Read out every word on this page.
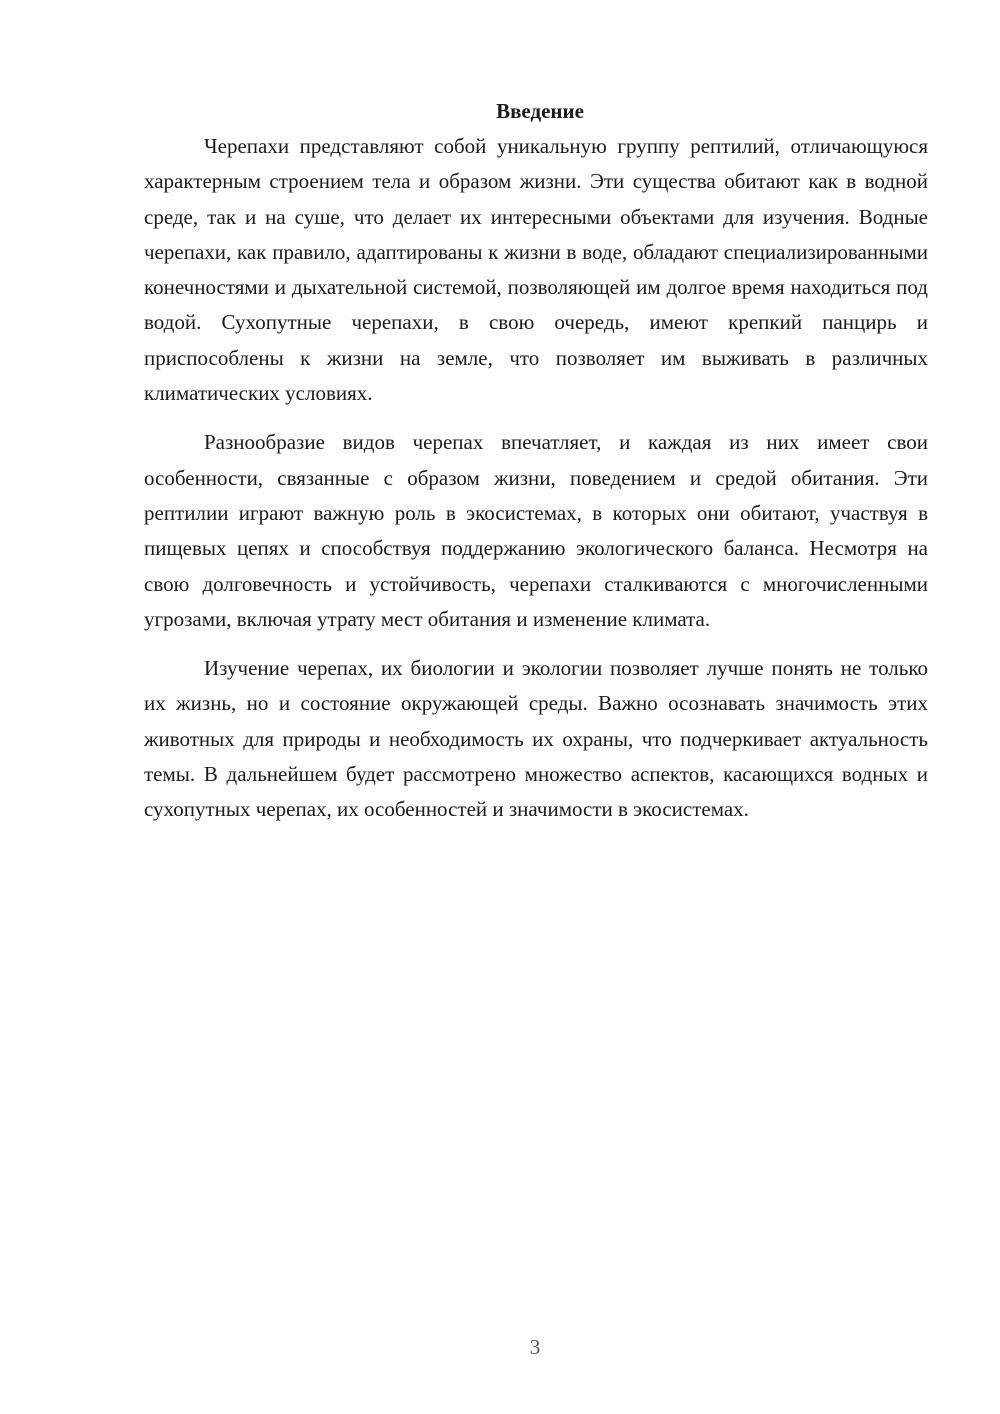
Введение

Черепахи представляют собой уникальную группу рептилий, отличающуюся характерным строением тела и образом жизни. Эти существа обитают как в водной среде, так и на суше, что делает их интересными объектами для изучения. Водные черепахи, как правило, адаптированы к жизни в воде, обладают специализированными конечностями и дыхательной системой, позволяющей им долгое время находиться под водой. Сухопутные черепахи, в свою очередь, имеют крепкий панцирь и приспособлены к жизни на земле, что позволяет им выживать в различных климатических условиях.

Разнообразие видов черепах впечатляет, и каждая из них имеет свои особенности, связанные с образом жизни, поведением и средой обитания. Эти рептилии играют важную роль в экосистемах, в которых они обитают, участвуя в пищевых цепях и способствуя поддержанию экологического баланса. Несмотря на свою долговечность и устойчивость, черепахи сталкиваются с многочисленными угрозами, включая утрату мест обитания и изменение климата.

Изучение черепах, их биологии и экологии позволяет лучше понять не только их жизнь, но и состояние окружающей среды. Важно осознавать значимость этих животных для природы и необходимость их охраны, что подчеркивает актуальность темы. В дальнейшем будет рассмотрено множество аспектов, касающихся водных и сухопутных черепах, их особенностей и значимости в экосистемах.

3
